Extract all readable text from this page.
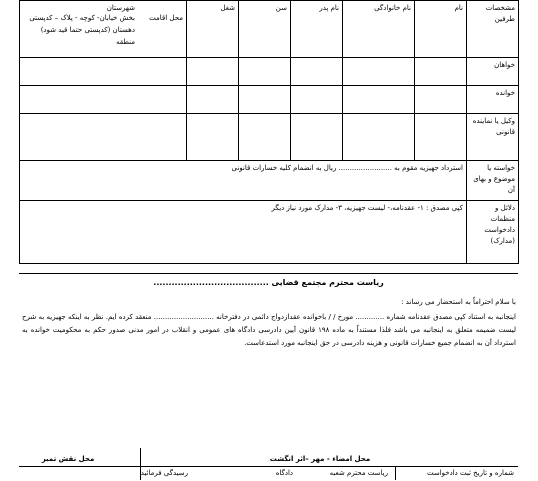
مشخصات طرفین	نام	نام خانوادگی	نام پدر	سن	شغل	محل اقامت
شهرستان
بخش خیابان- کوچه - پلاک – کدپستی
دهستان (کدپستی حتما قید شود)
منطقه

خواهان						
خوانده						
وکیل یا نماینده قانونی						
خواسته یا موضوع و بهای آن	استرداد جهیزیه مقوم به ........................ ریال به انضمام کلیه خسارات قانونی					
دلائل و منظمات دادخواست (مدارک)	کپی مصدق : ۱- عقدنامه،- لیست جهیزیه، ۳- مدارک مورد نیاز دیگر					
ریاست محترم مجتمع قضایی ......................................

با سلام احتراماً به استحضار می رساند :

اینجانبه به استناد کپی مصدق عقدنامه شماره ............. مورخ / / باخوانده عقدازدواج دائمی در دفترخانه ........................... منعقد کرده ایم. نظر به اینکه جهیزیه به شرح لیست ضمیمه متعلق به اینجانبه می باشد فلذا مستنداً به ماده ۱۹۸ قانون آیین دادرسی دادگاه های عمومی و انقلاب در امور مدنی صدور حکم به محکومیت خوانده به استرداد آن به انضمام جمیع خسارات قانونی و هزینه دادرسی در حق اینجانبه مورد استدعاست.

محل نقش تمبر	محل امضاء - مهر –اثر انگشت
شماره و تاریخ ثبت دادخواست
ریاست محترم شعبه
دادگاه
رسیدگی فرمائید
